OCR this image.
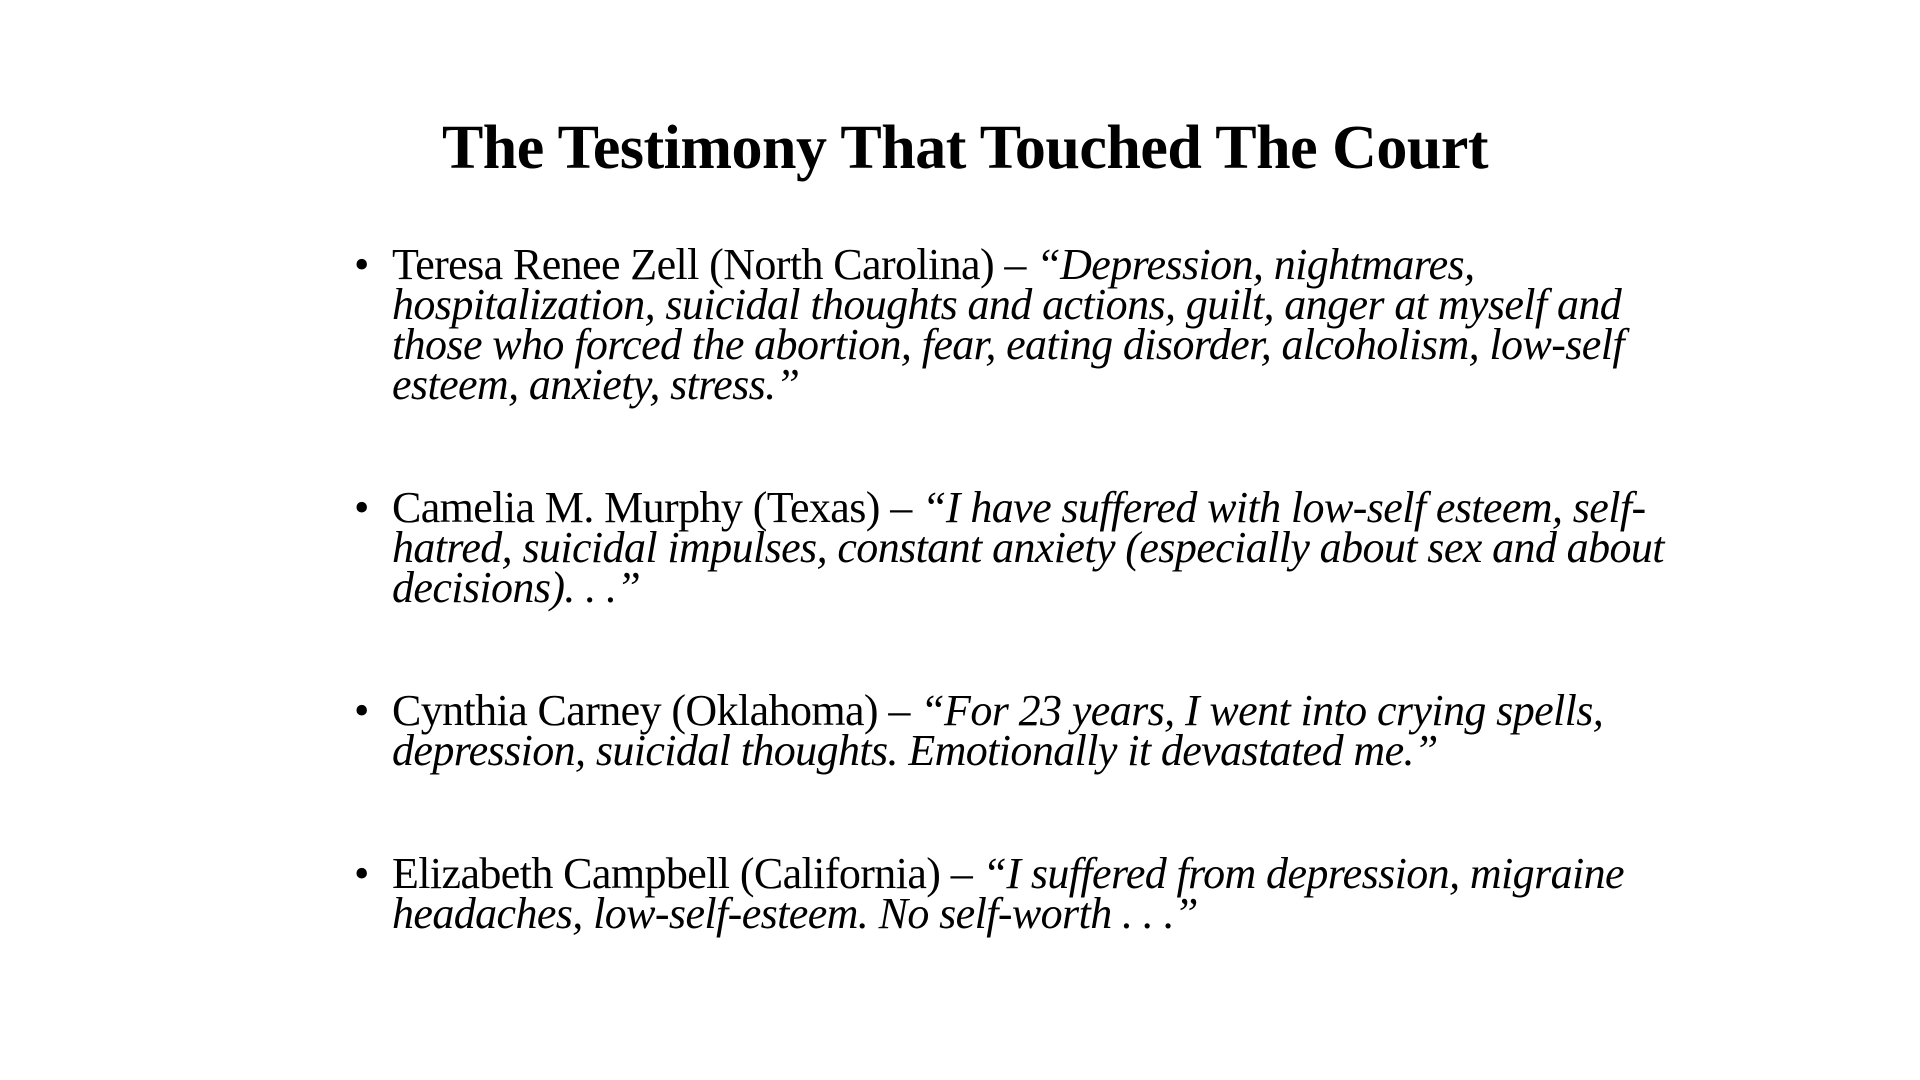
The Testimony That Touched The Court
• Teresa Renee Zell (North Carolina) – “Depression, nightmares, hospitalization, suicidal thoughts and actions, guilt, anger at myself and those who forced the abortion, fear, eating disorder, alcoholism, low-self esteem, anxiety, stress.”
• Camelia M. Murphy (Texas) – “I have suffered with low-self esteem, self-hatred, suicidal impulses, constant anxiety (especially about sex and about decisions). . .”
• Cynthia Carney (Oklahoma) – “For 23 years, I went into crying spells, depression, suicidal thoughts. Emotionally it devastated me.”
• Elizabeth Campbell (California) – “I suffered from depression, migraine headaches, low-self-esteem. No self-worth . . .”
